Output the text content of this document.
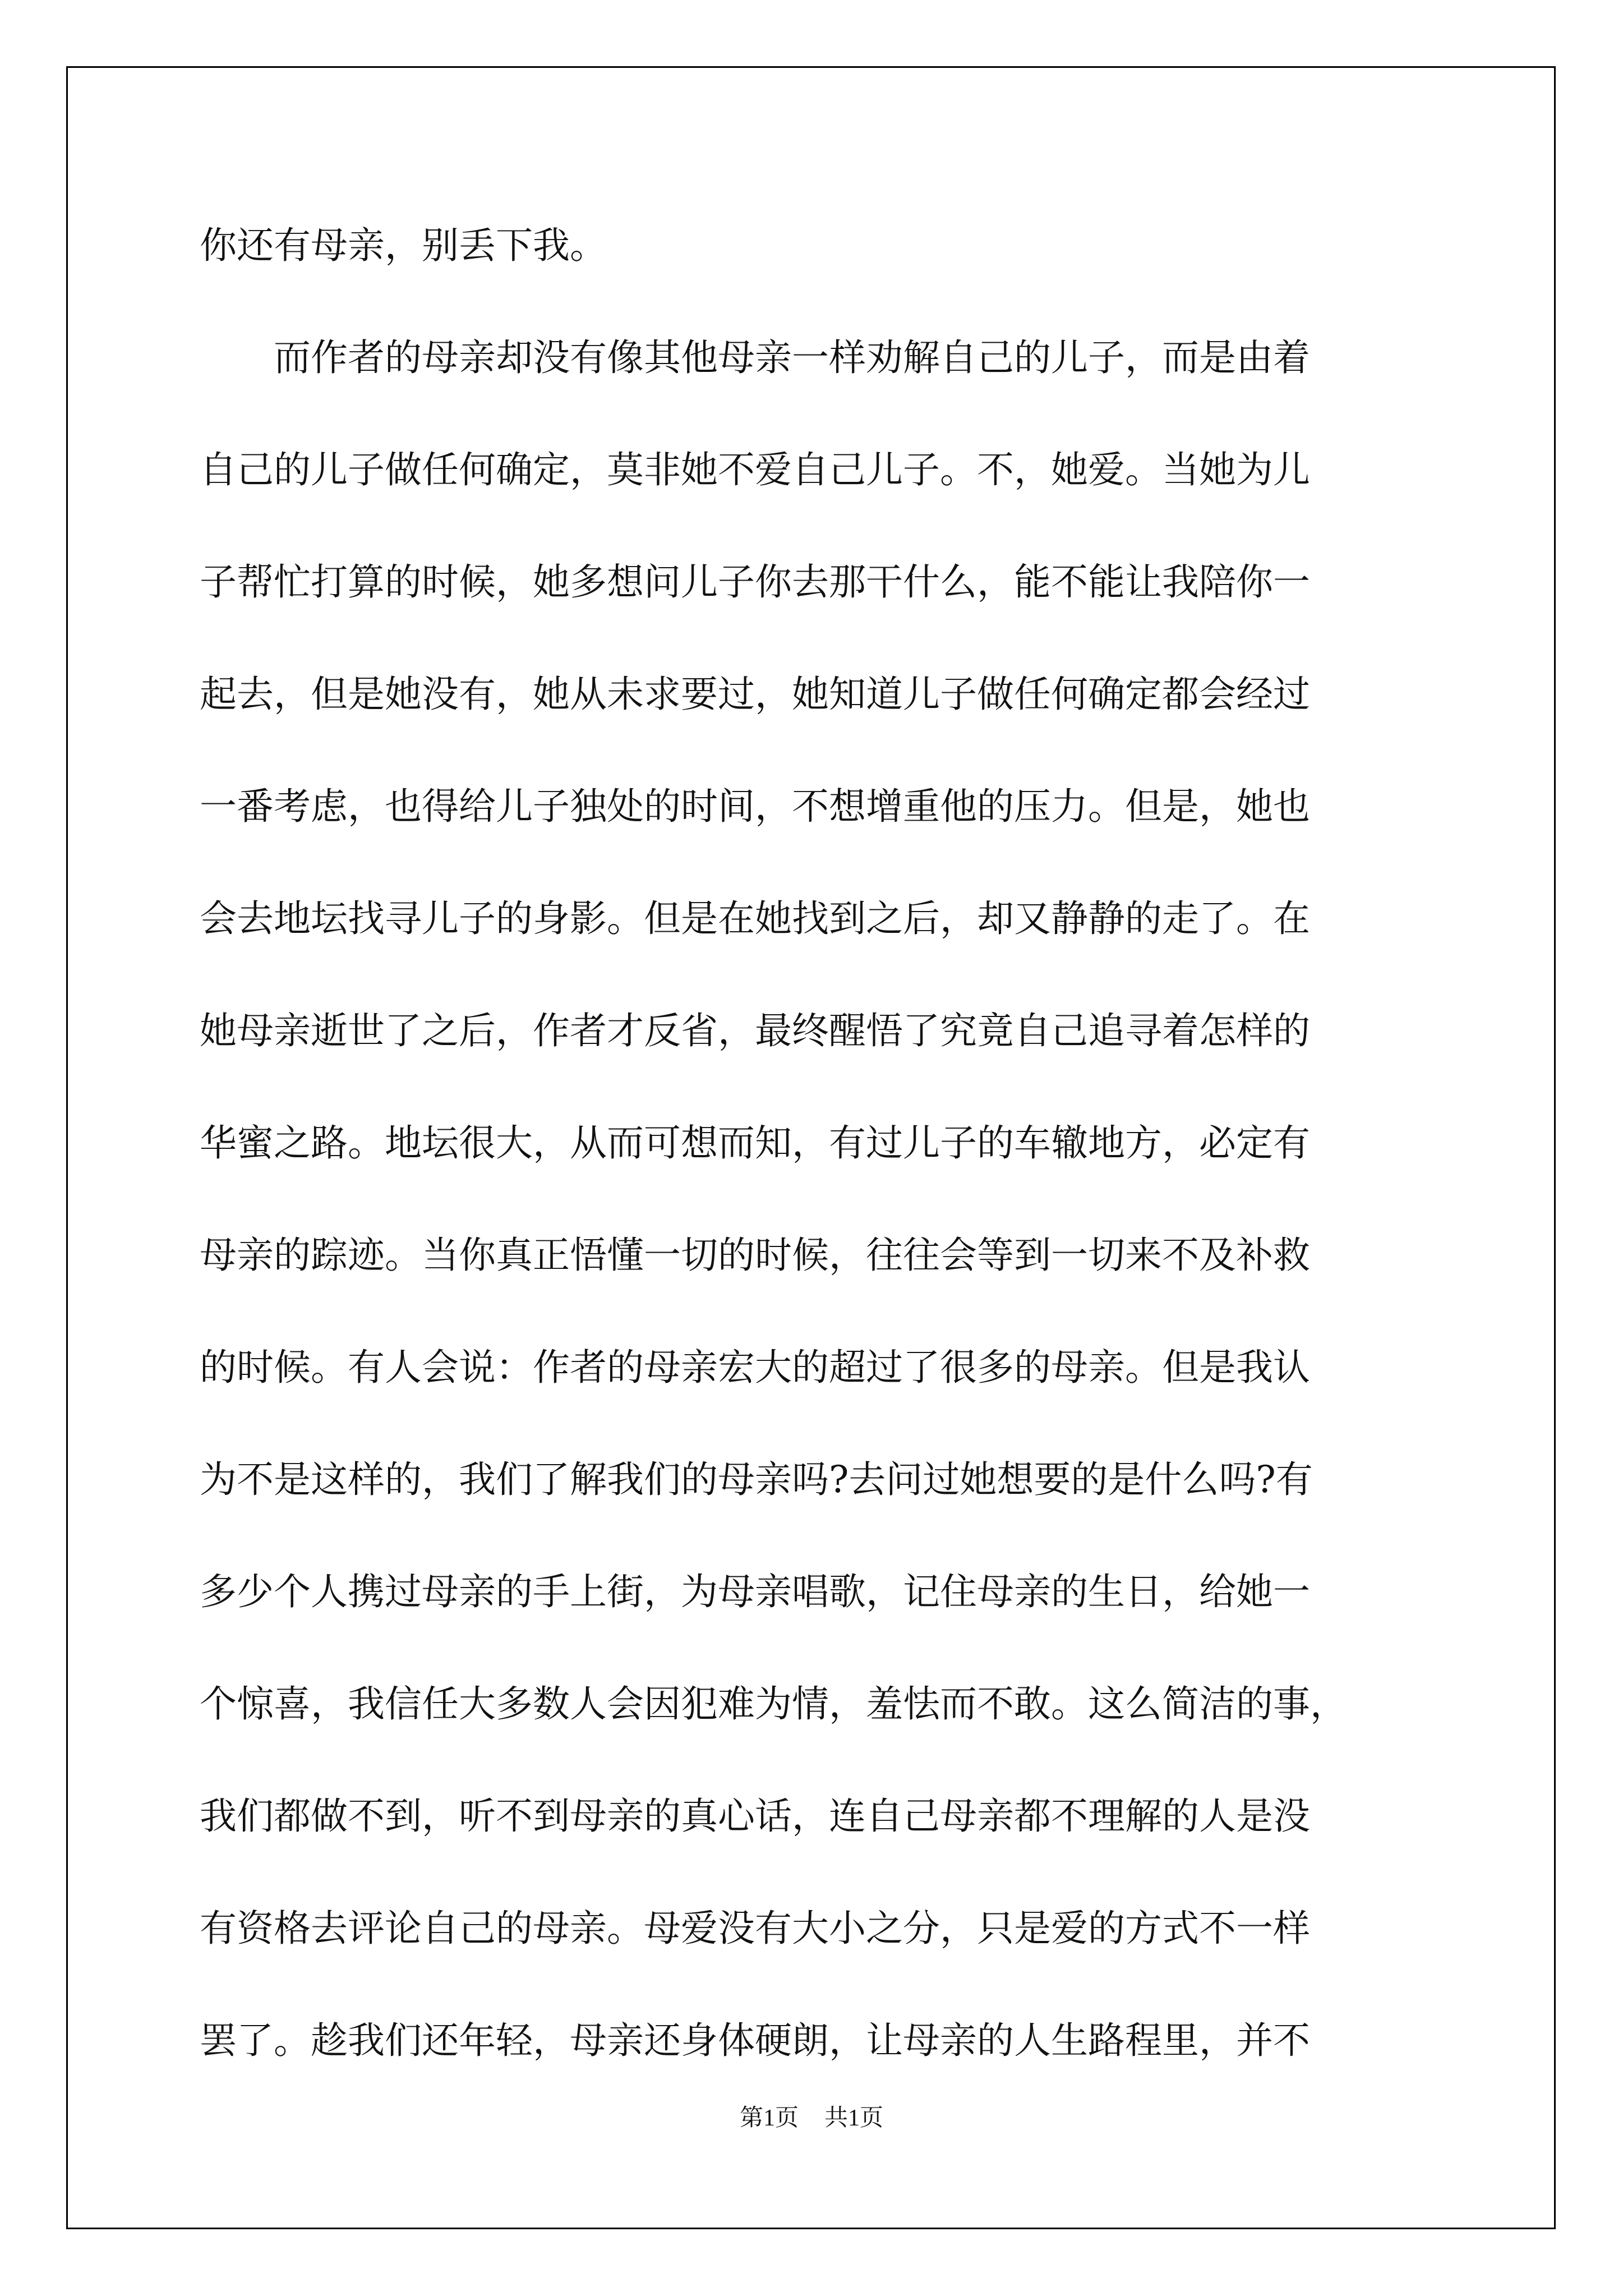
你还有母亲，别丢下我。
　　而作者的母亲却没有像其他母亲一样劝解自己的儿子，而是由着
自己的儿子做任何确定，莫非她不爱自己儿子。不，她爱。当她为儿
子帮忙打算的时候，她多想问儿子你去那干什么，能不能让我陪你一
起去，但是她没有，她从未求要过，她知道儿子做任何确定都会经过
一番考虑，也得给儿子独处的时间，不想增重他的压力。但是，她也
会去地坛找寻儿子的身影。但是在她找到之后，却又静静的走了。在
她母亲逝世了之后，作者才反省，最终醒悟了究竟自己追寻着怎样的
华蜜之路。地坛很大，从而可想而知，有过儿子的车辙地方，必定有
母亲的踪迹。当你真正悟懂一切的时候，往往会等到一切来不及补救
的时候。有人会说：作者的母亲宏大的超过了很多的母亲。但是我认
为不是这样的，我们了解我们的母亲吗?去问过她想要的是什么吗?有
多少个人携过母亲的手上街，为母亲唱歌，记住母亲的生日，给她一
个惊喜，我信任大多数人会因犯难为情，羞怯而不敢。这么简洁的事，
我们都做不到，听不到母亲的真心话，连自己母亲都不理解的人是没
有资格去评论自己的母亲。母爱没有大小之分，只是爱的方式不一样
罢了。趁我们还年轻，母亲还身体硬朗，让母亲的人生路程里，并不
第1页 共1页
